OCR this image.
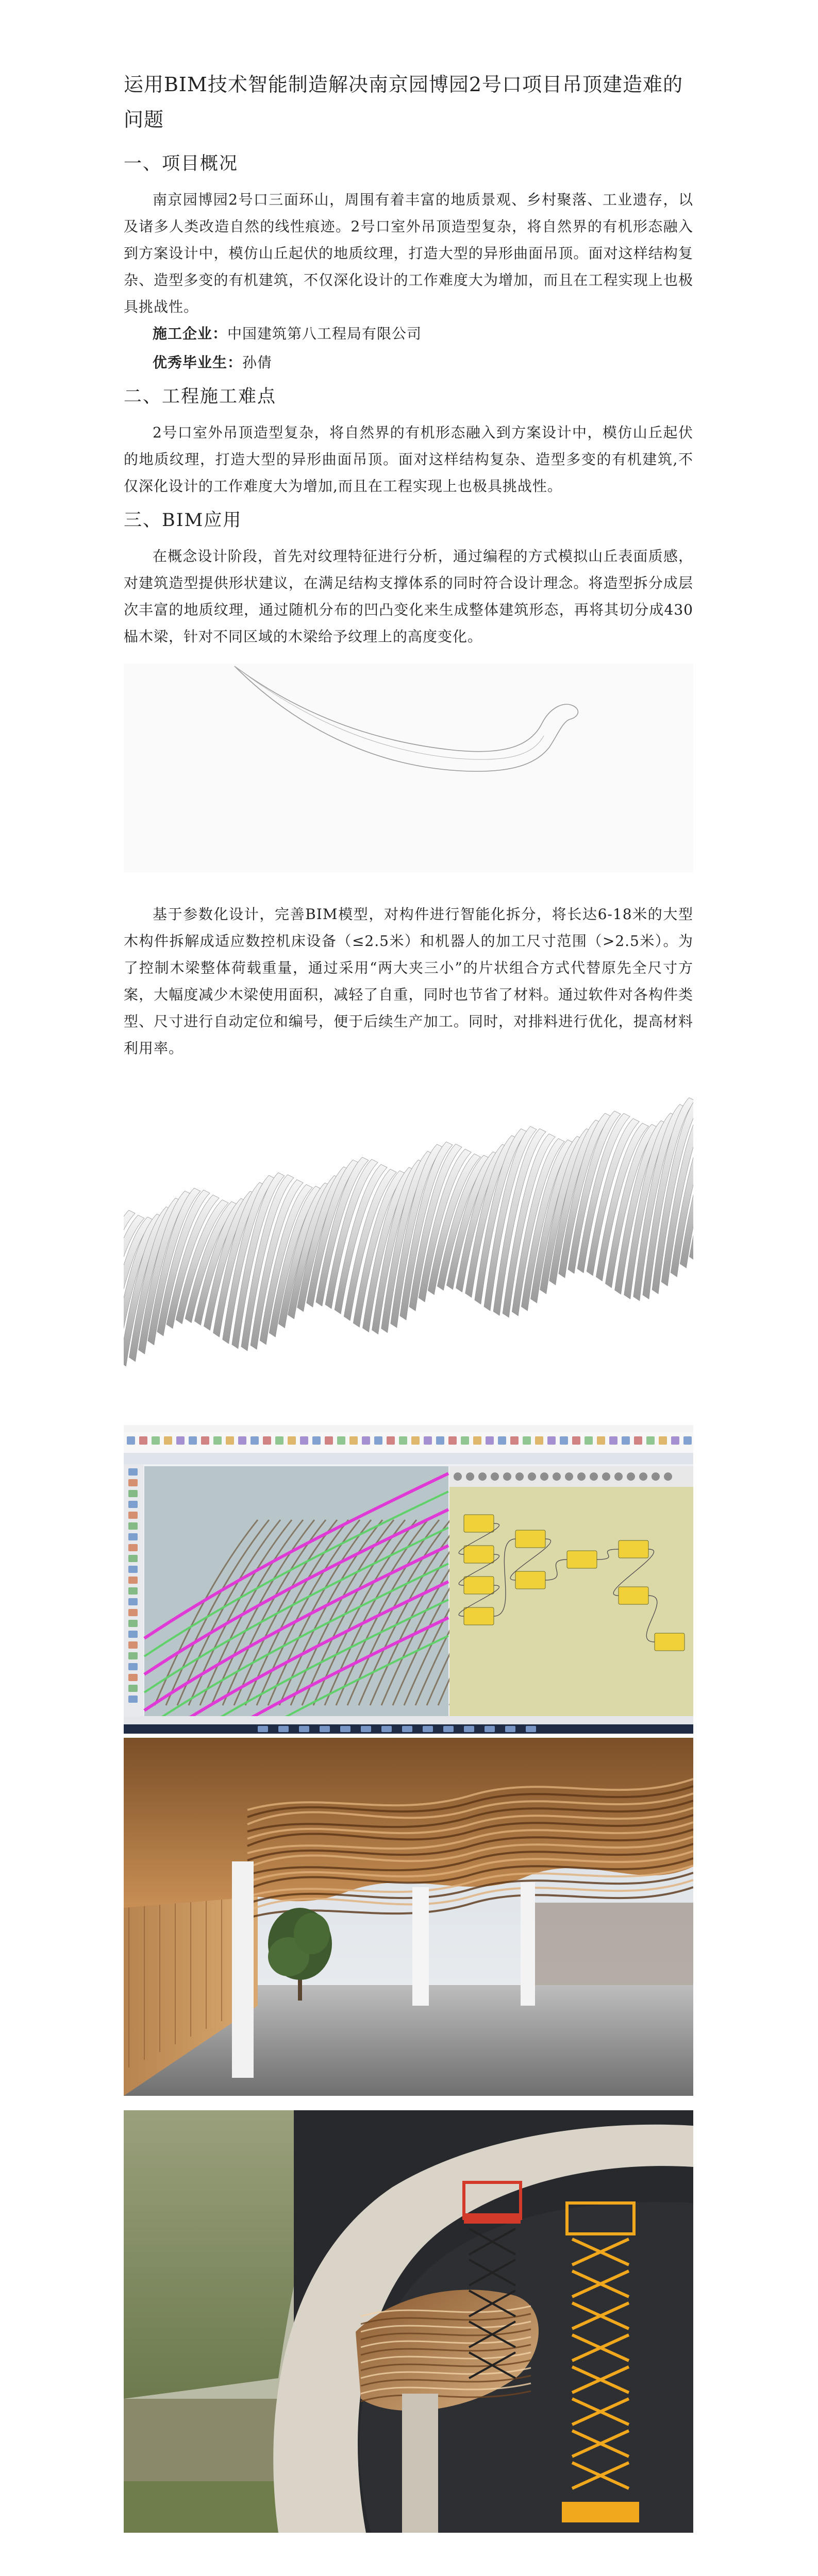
运用BIM技术智能制造解决南京园博园2号口项目吊顶建造难的问题
一、项目概况

南京园博园2号口三面环山，周围有着丰富的地质景观、乡村聚落、工业遗存，以及诸多人类改造自然的线性痕迹。2号口室外吊顶造型复杂，将自然界的有机形态融入到方案设计中，模仿山丘起伏的地质纹理，打造大型的异形曲面吊顶。面对这样结构复杂、造型多变的有机建筑，不仅深化设计的工作难度大为增加，而且在工程实现上也极具挑战性。

施工企业：中国建筑第八工程局有限公司

优秀毕业生：孙倩

二、工程施工难点

2号口室外吊顶造型复杂，将自然界的有机形态融入到方案设计中，模仿山丘起伏的地质纹理，打造大型的异形曲面吊顶。面对这样结构复杂、造型多变的有机建筑,不仅深化设计的工作难度大为增加,而且在工程实现上也极具挑战性。

三、BIM应用

在概念设计阶段，首先对纹理特征进行分析，通过编程的方式模拟山丘表面质感，对建筑造型提供形状建议，在满足结构支撑体系的同时符合设计理念。将造型拆分成层次丰富的地质纹理，通过随机分布的凹凸变化来生成整体建筑形态，再将其切分成430榀木梁，针对不同区域的木梁给予纹理上的高度变化。

基于参数化设计，完善BIM模型，对构件进行智能化拆分，将长达6-18米的大型木构件拆解成适应数控机床设备（≤2.5米）和机器人的加工尺寸范围（>2.5米）。为了控制木梁整体荷载重量，通过采用“两大夹三小”的片状组合方式代替原先全尺寸方案，大幅度减少木梁使用面积，减轻了自重，同时也节省了材料。通过软件对各构件类型、尺寸进行自动定位和编号，便于后续生产加工。同时，对排料进行优化，提高材料利用率。
